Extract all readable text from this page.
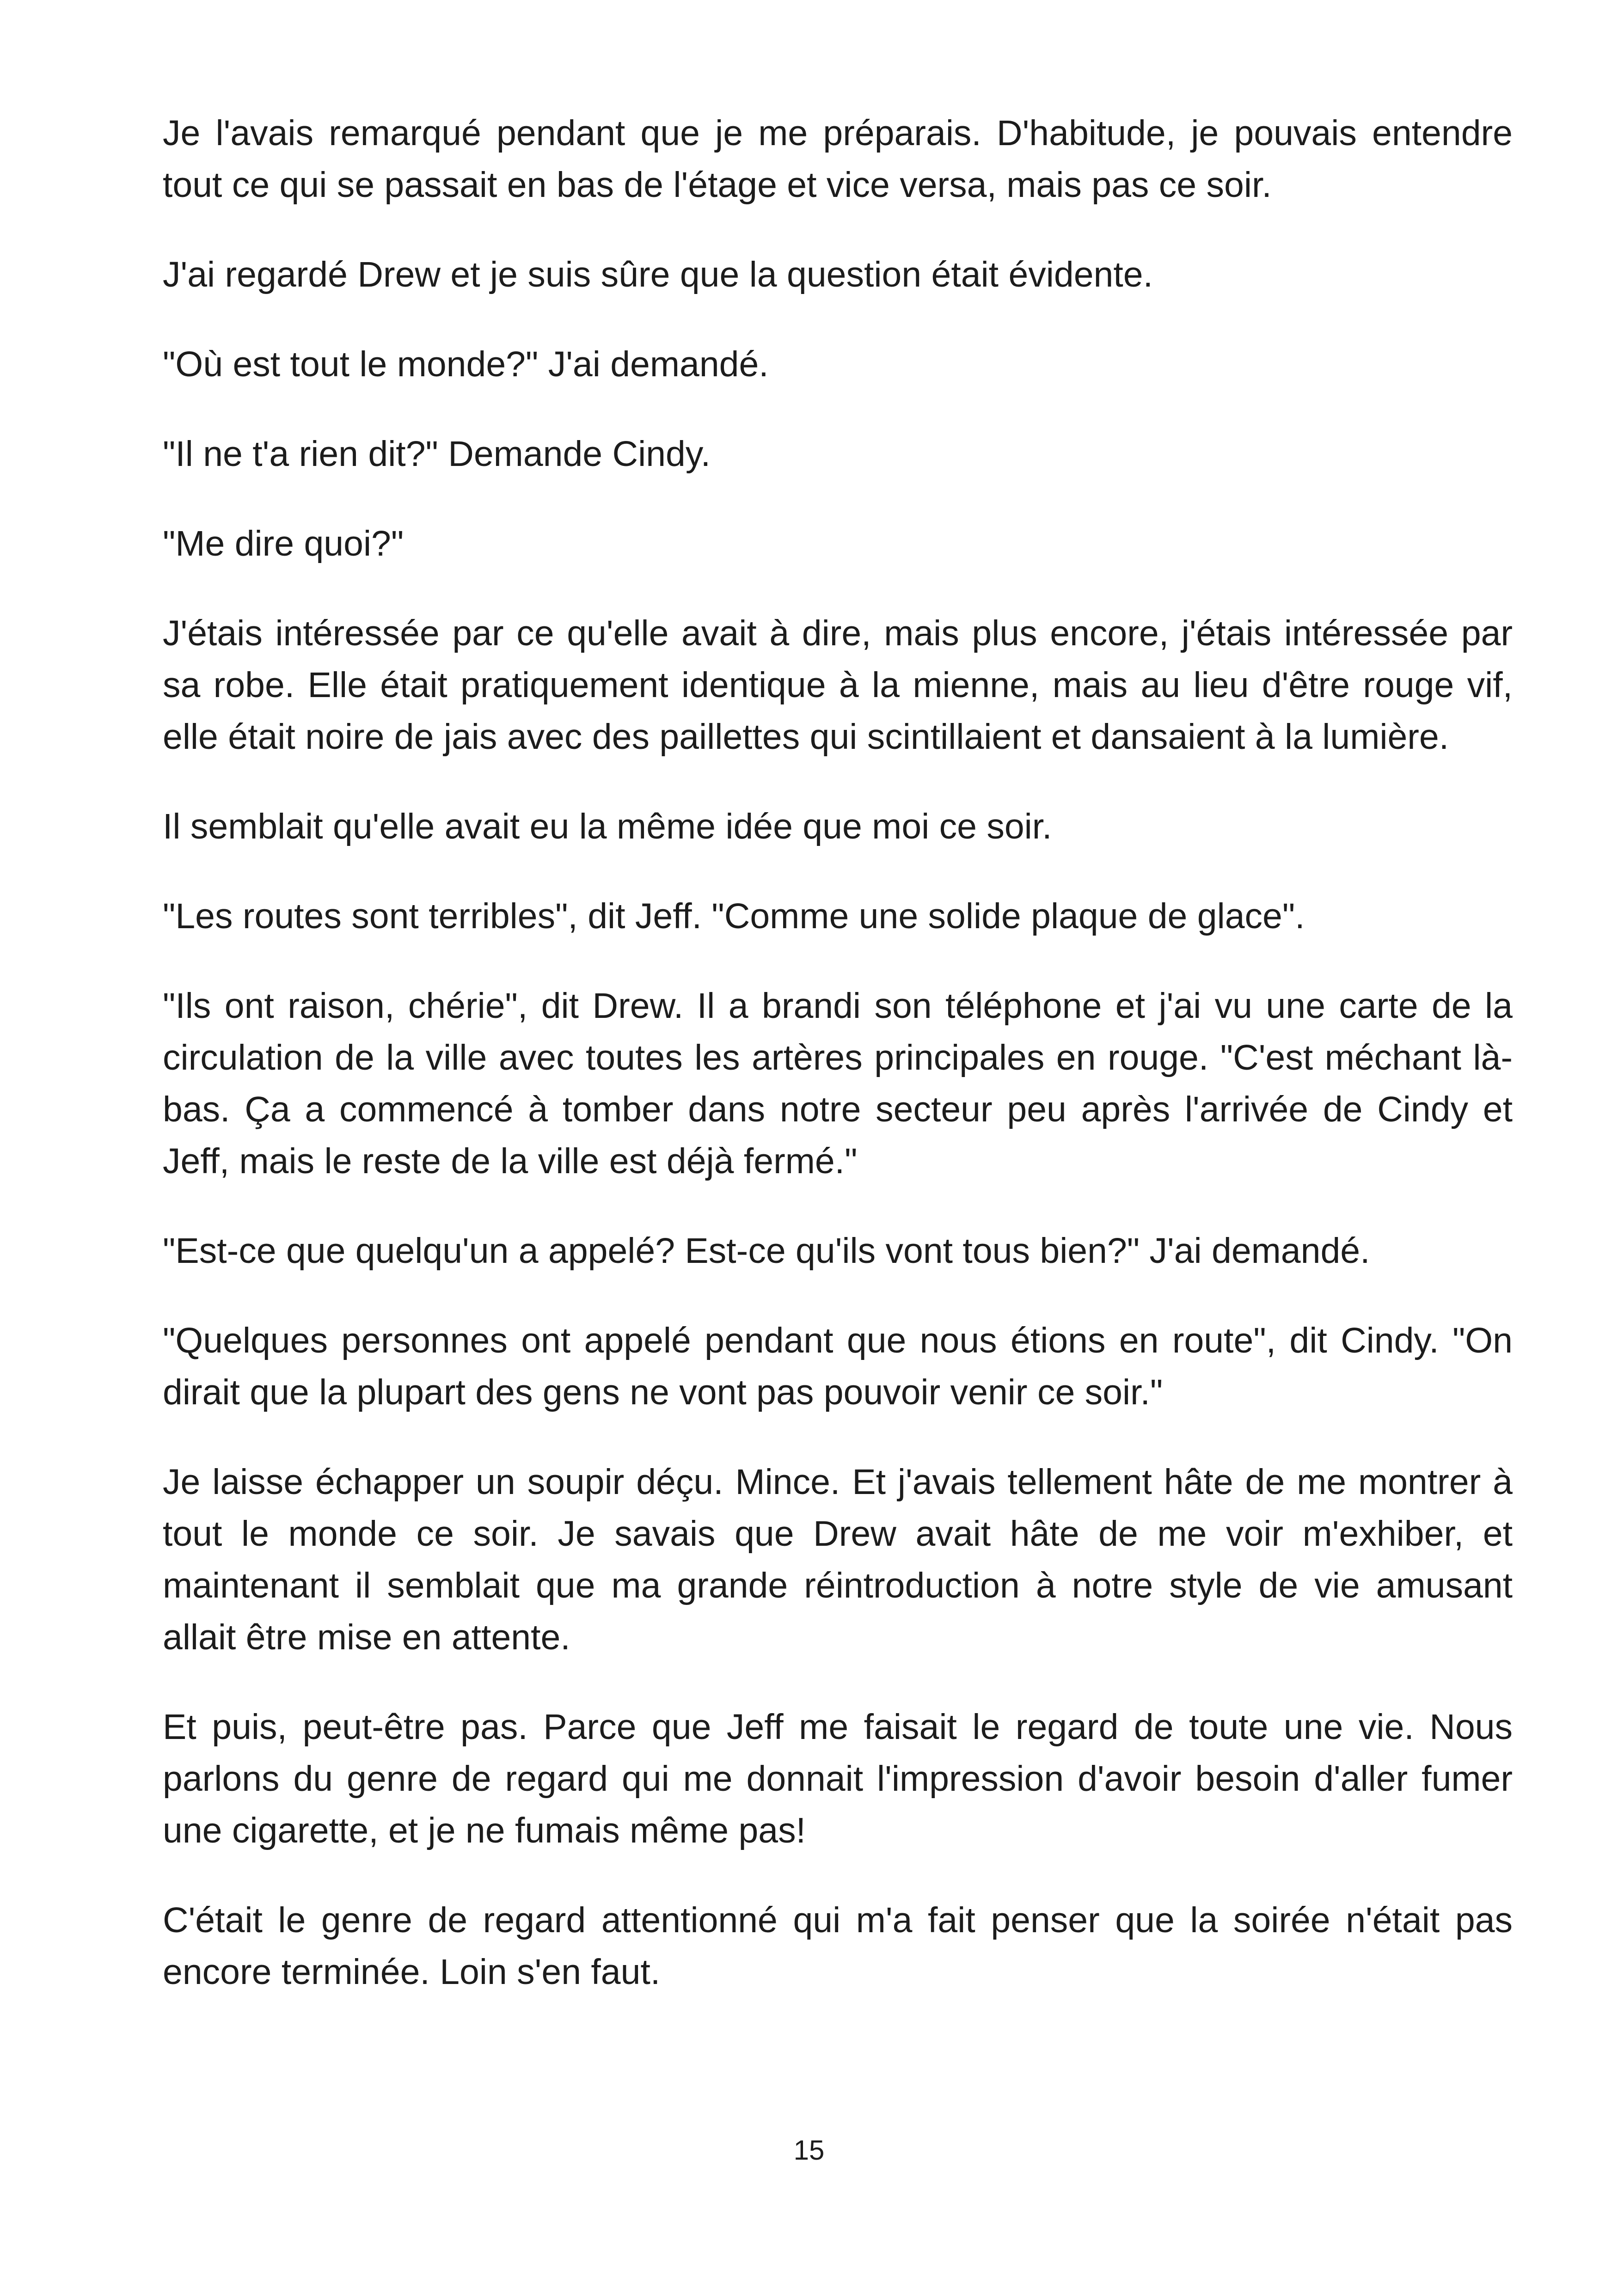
Je l'avais remarqué pendant que je me préparais. D'habitude, je pouvais entendre tout ce qui se passait en bas de l'étage et vice versa, mais pas ce soir.

J'ai regardé Drew et je suis sûre que la question était évidente.

"Où est tout le monde?" J'ai demandé.

"Il ne t'a rien dit?" Demande Cindy.

"Me dire quoi?"

J'étais intéressée par ce qu'elle avait à dire, mais plus encore, j'étais intéressée par sa robe. Elle était pratiquement identique à la mienne, mais au lieu d'être rouge vif, elle était noire de jais avec des paillettes qui scintillaient et dansaient à la lumière.

Il semblait qu'elle avait eu la même idée que moi ce soir.

"Les routes sont terribles", dit Jeff. "Comme une solide plaque de glace".

"Ils ont raison, chérie", dit Drew. Il a brandi son téléphone et j'ai vu une carte de la circulation de la ville avec toutes les artères principales en rouge. "C'est méchant là-bas. Ça a commencé à tomber dans notre secteur peu après l'arrivée de Cindy et Jeff, mais le reste de la ville est déjà fermé."

"Est-ce que quelqu'un a appelé? Est-ce qu'ils vont tous bien?" J'ai demandé.

"Quelques personnes ont appelé pendant que nous étions en route", dit Cindy. "On dirait que la plupart des gens ne vont pas pouvoir venir ce soir."

Je laisse échapper un soupir déçu. Mince. Et j'avais tellement hâte de me montrer à tout le monde ce soir. Je savais que Drew avait hâte de me voir m'exhiber, et maintenant il semblait que ma grande réintroduction à notre style de vie amusant allait être mise en attente.

Et puis, peut-être pas. Parce que Jeff me faisait le regard de toute une vie. Nous parlons du genre de regard qui me donnait l'impression d'avoir besoin d'aller fumer une cigarette, et je ne fumais même pas!

C'était le genre de regard attentionné qui m'a fait penser que la soirée n'était pas encore terminée. Loin s'en faut.

15
